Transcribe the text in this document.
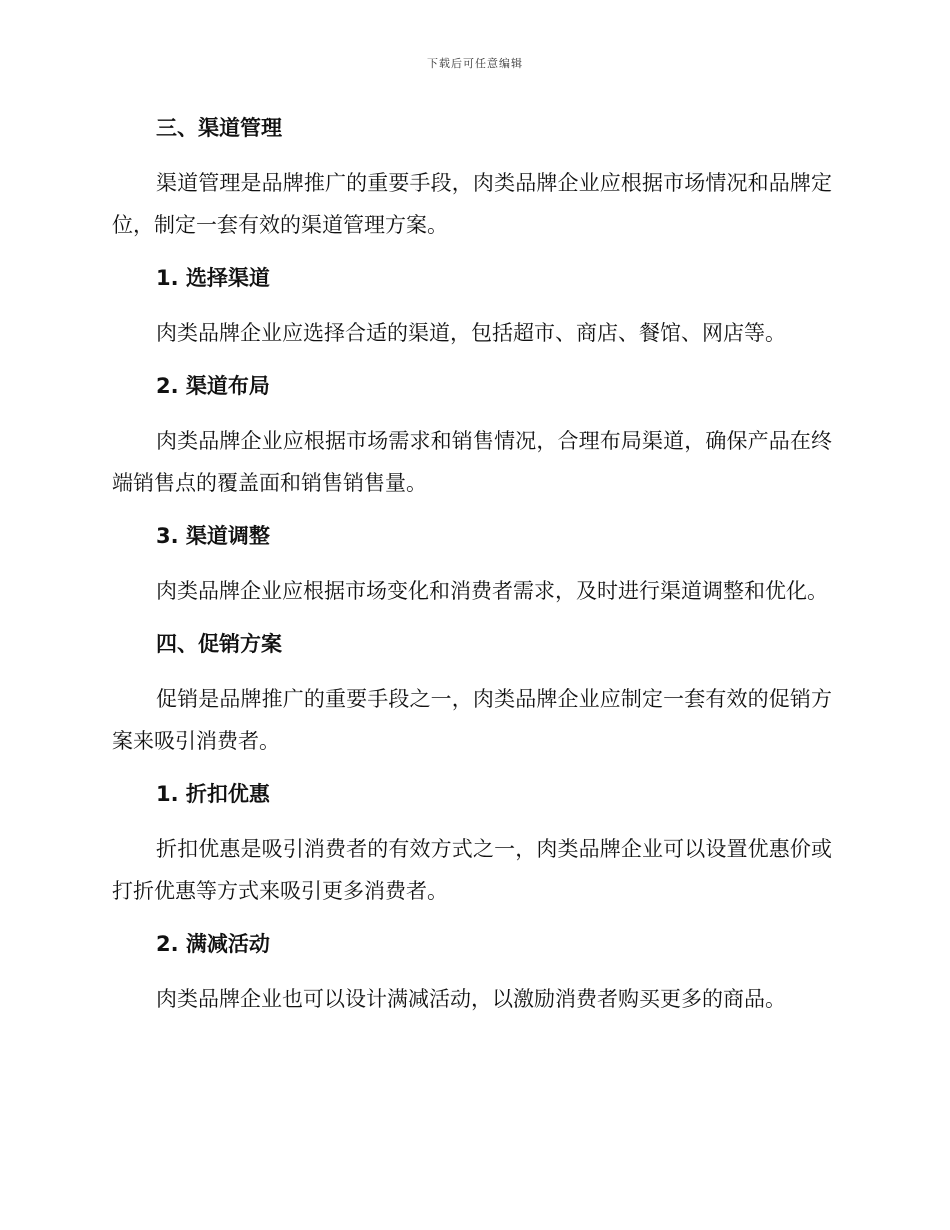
下载后可任意编辑
三、渠道管理

渠道管理是品牌推广的重要手段，肉类品牌企业应根据市场情况和品牌定位，制定一套有效的渠道管理方案。

1. 选择渠道

肉类品牌企业应选择合适的渠道，包括超市、商店、餐馆、网店等。

2. 渠道布局

肉类品牌企业应根据市场需求和销售情况，合理布局渠道，确保产品在终端销售点的覆盖面和销售销售量。

3. 渠道调整

肉类品牌企业应根据市场变化和消费者需求，及时进行渠道调整和优化。

四、促销方案

促销是品牌推广的重要手段之一，肉类品牌企业应制定一套有效的促销方案来吸引消费者。

1. 折扣优惠

折扣优惠是吸引消费者的有效方式之一，肉类品牌企业可以设置优惠价或打折优惠等方式来吸引更多消费者。

2. 满减活动

肉类品牌企业也可以设计满减活动，以激励消费者购买更多的商品。
